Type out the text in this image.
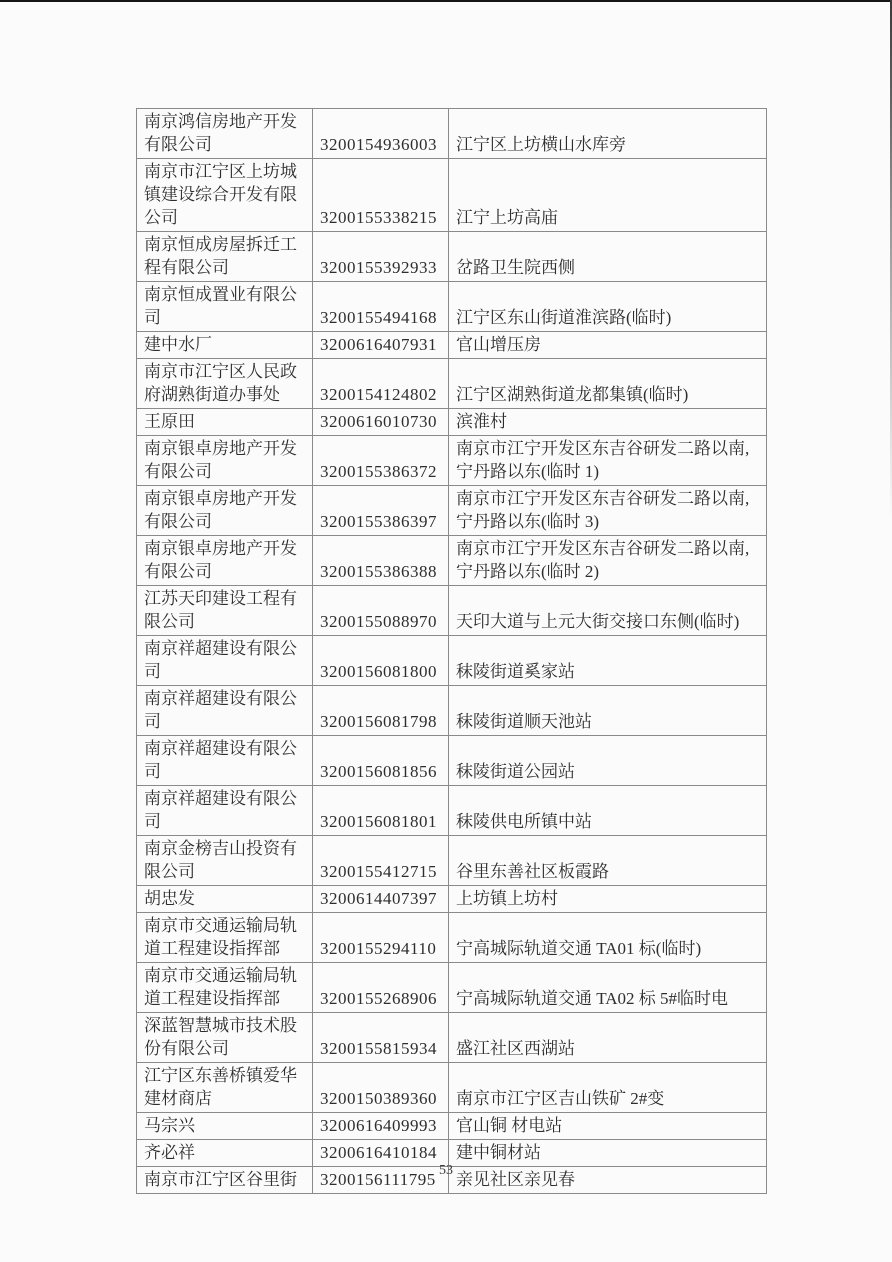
南京鸿信房地产开发有限公司	3200154936003	江宁区上坊横山水库旁
南京市江宁区上坊城镇建设综合开发有限公司	3200155338215	江宁上坊高庙
南京恒成房屋拆迁工程有限公司	3200155392933	岔路卫生院西侧
南京恒成置业有限公司	3200155494168	江宁区东山街道淮滨路(临时)
建中水厂	3200616407931	官山增压房
南京市江宁区人民政府湖熟街道办事处	3200154124802	江宁区湖熟街道龙都集镇(临时)
王原田	3200616010730	滨淮村
南京银卓房地产开发有限公司	3200155386372	南京市江宁开发区东吉谷研发二路以南,宁丹路以东(临时 1)
南京银卓房地产开发有限公司	3200155386397	南京市江宁开发区东吉谷研发二路以南,宁丹路以东(临时 3)
南京银卓房地产开发有限公司	3200155386388	南京市江宁开发区东吉谷研发二路以南,宁丹路以东(临时 2)
江苏天印建设工程有限公司	3200155088970	天印大道与上元大街交接口东侧(临时)
南京祥超建设有限公司	3200156081800	秣陵街道奚家站
南京祥超建设有限公司	3200156081798	秣陵街道顺天池站
南京祥超建设有限公司	3200156081856	秣陵街道公园站
南京祥超建设有限公司	3200156081801	秣陵供电所镇中站
南京金榜吉山投资有限公司	3200155412715	谷里东善社区板霞路
胡忠发	3200614407397	上坊镇上坊村
南京市交通运输局轨道工程建设指挥部	3200155294110	宁高城际轨道交通 TA01 标(临时)
南京市交通运输局轨道工程建设指挥部	3200155268906	宁高城际轨道交通 TA02 标 5#临时电
深蓝智慧城市技术股份有限公司	3200155815934	盛江社区西湖站
江宁区东善桥镇爱华建材商店	3200150389360	南京市江宁区吉山铁矿 2#变
马宗兴	3200616409993	官山铜 材电站
齐必祥	3200616410184	建中铜材站
南京市江宁区谷里街	3200156111795	亲见社区亲见春
53
